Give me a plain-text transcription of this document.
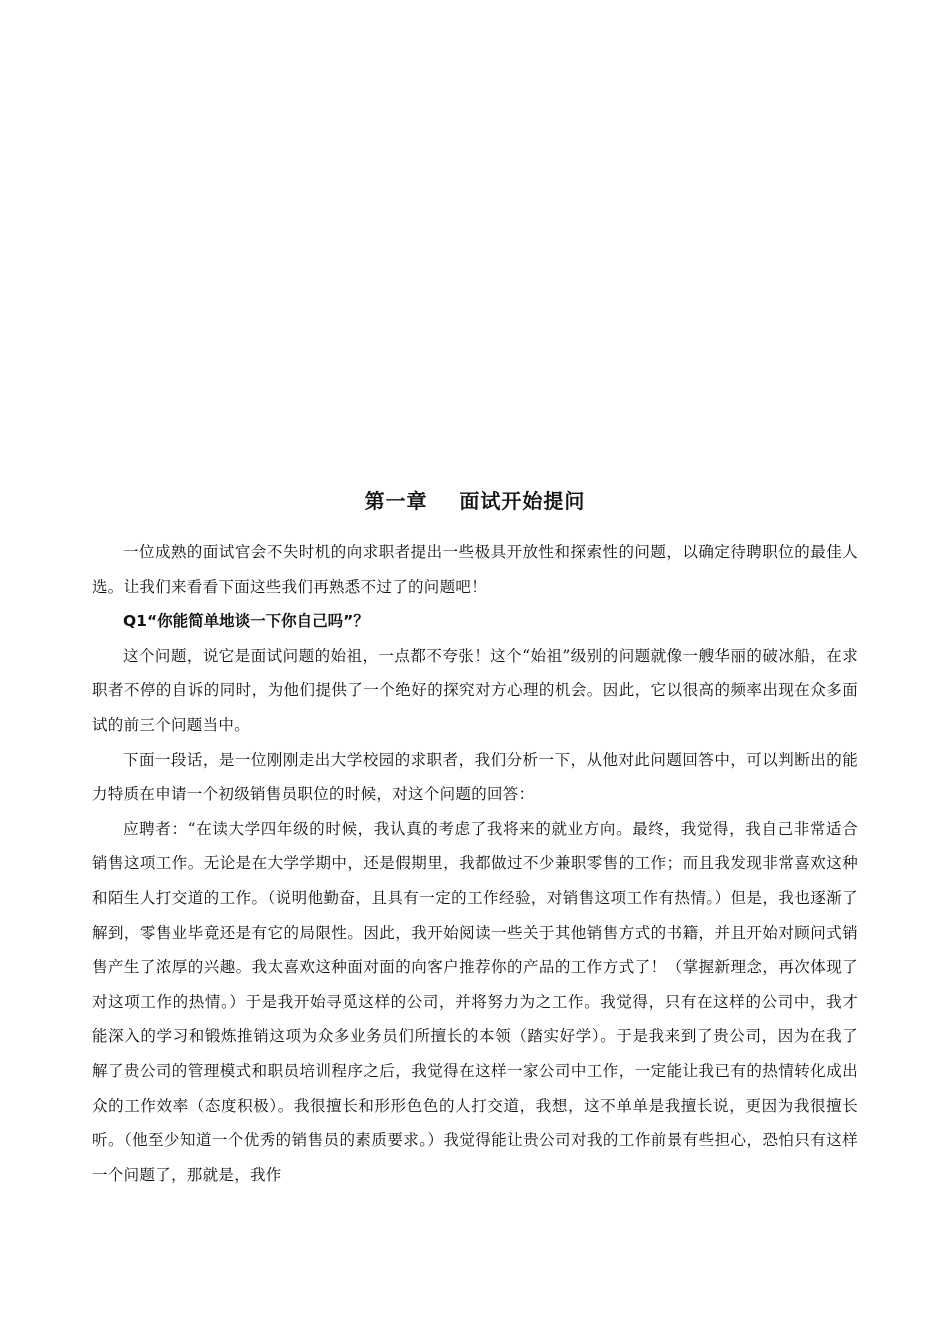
第一章    面试开始提问

一位成熟的面试官会不失时机的向求职者提出一些极具开放性和探索性的问题，以确定待聘职位的最佳人选。让我们来看看下面这些我们再熟悉不过了的问题吧！

Q1“你能简单地谈一下你自己吗”？

这个问题，说它是面试问题的始祖，一点都不夸张！这个“始祖”级别的问题就像一艘华丽的破冰船，在求职者不停的自诉的同时，为他们提供了一个绝好的探究对方心理的机会。因此，它以很高的频率出现在众多面试的前三个问题当中。

下面一段话，是一位刚刚走出大学校园的求职者，我们分析一下，从他对此问题回答中，可以判断出的能力特质在申请一个初级销售员职位的时候，对这个问题的回答：

应聘者：“在读大学四年级的时候，我认真的考虑了我将来的就业方向。最终，我觉得，我自己非常适合销售这项工作。无论是在大学学期中，还是假期里，我都做过不少兼职零售的工作；而且我发现非常喜欢这种和陌生人打交道的工作。（说明他勤奋，且具有一定的工作经验，对销售这项工作有热情。）但是，我也逐渐了解到，零售业毕竟还是有它的局限性。因此，我开始阅读一些关于其他销售方式的书籍，并且开始对顾问式销售产生了浓厚的兴趣。我太喜欢这种面对面的向客户推荐你的产品的工作方式了！（掌握新理念，再次体现了对这项工作的热情。）于是我开始寻觅这样的公司，并将努力为之工作。我觉得，只有在这样的公司中，我才能深入的学习和锻炼推销这项为众多业务员们所擅长的本领（踏实好学）。于是我来到了贵公司，因为在我了解了贵公司的管理模式和职员培训程序之后，我觉得在这样一家公司中工作，一定能让我已有的热情转化成出众的工作效率（态度积极）。我很擅长和形形色色的人打交道，我想，这不单单是我擅长说，更因为我很擅长听。（他至少知道一个优秀的销售员的素质要求。）我觉得能让贵公司对我的工作前景有些担心，恐怕只有这样一个问题了，那就是，我作
